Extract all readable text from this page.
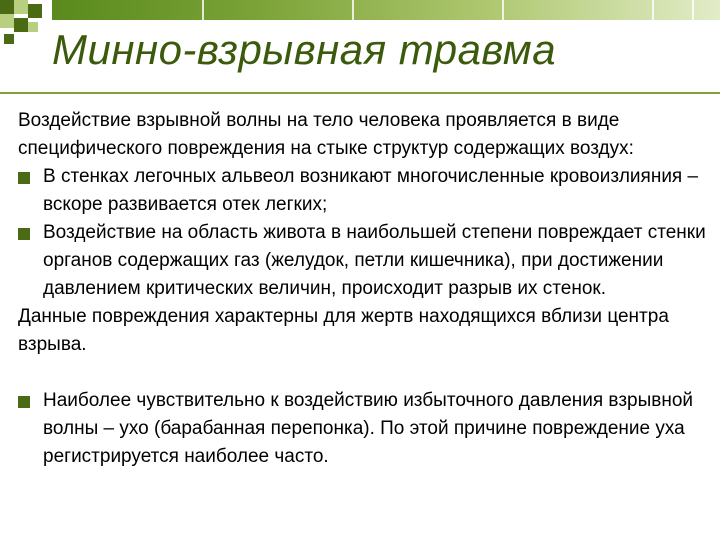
Минно-взрывная травма

Воздействие взрывной волны на тело человека проявляется в виде специфического повреждения на стыке структур содержащих воздух:

В стенках легочных альвеол возникают многочисленные кровоизлияния – вскоре развивается отек легких;

Воздействие на область живота в наибольшей степени повреждает стенки органов содержащих газ (желудок, петли кишечника), при достижении давлением критических величин, происходит разрыв их стенок.

Данные повреждения характерны для жертв находящихся вблизи центра взрыва.

Наиболее чувствительно к воздействию избыточного давления взрывной волны – ухо (барабанная перепонка). По этой причине повреждение уха регистрируется наиболее часто.
